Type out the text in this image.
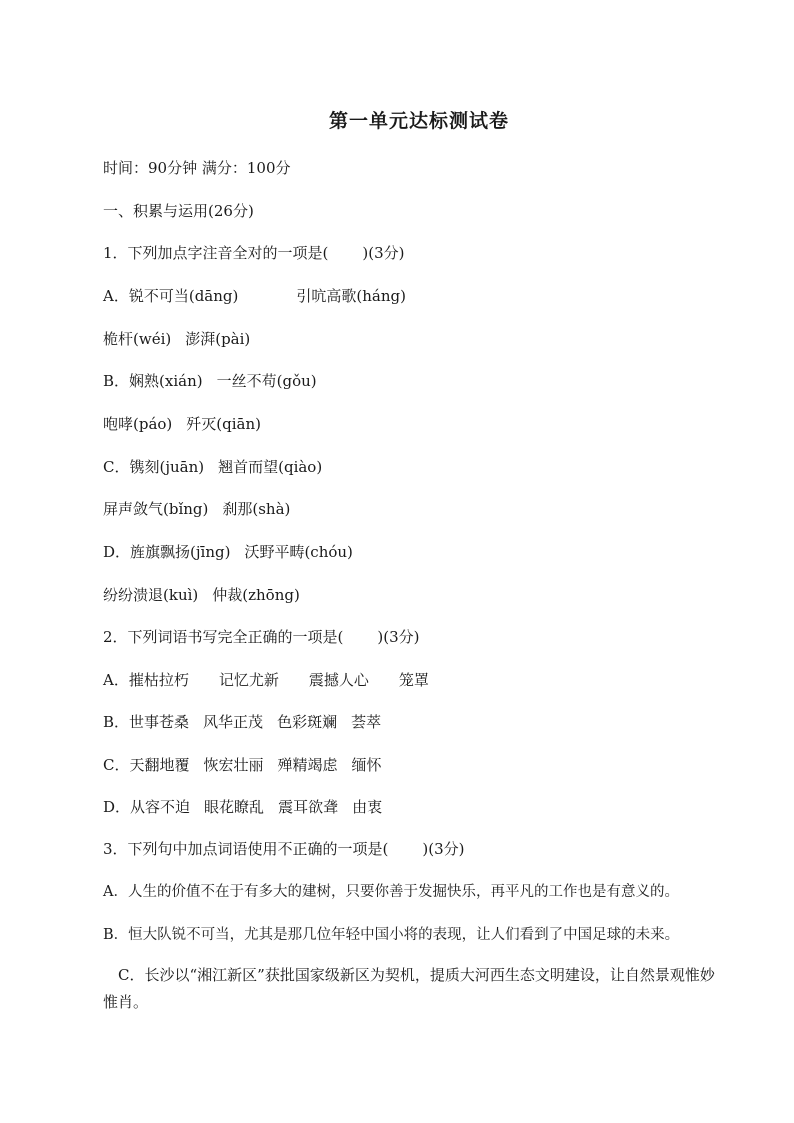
第一单元达标测试卷
时间：90分钟 满分：100分
一、积累与运用(26分)
1．下列加点字注音全对的一项是( )(3分)
A．锐不可当(dāng)	引吭高歌(háng)
桅杆(wéi) 澎湃(pài)
B．娴熟(xián) 一丝不苟(gǒu)
咆哮(páo) 歼灭(qiān)
C．镌刻(juān) 翘首而望(qiào)
屏声敛气(bǐng) 刹那(shà)
D．旌旗飘扬(jīng) 沃野平畴(chóu)
纷纷溃退(kuì) 仲裁(zhōng)
2．下列词语书写完全正确的一项是( )(3分)
A．摧枯拉朽 记忆尤新 震撼人心 笼罩
B．世事苍桑 风华正茂 色彩斑斓 荟萃
C．天翻地覆 恢宏壮丽 殚精竭虑 缅怀
D．从容不迫 眼花瞭乱 震耳欲聋 由衷
3．下列句中加点词语使用不正确的一项是( )(3分)
A．人生的价值不在于有多大的建树，只要你善于发掘快乐，再平凡的工作也是有意义的。
B．恒大队锐不可当，尤其是那几位年轻中国小将的表现，让人们看到了中国足球的未来。
C．长沙以“湘江新区”获批国家级新区为契机，提质大河西生态文明建设，让自然景观惟妙惟肖。
